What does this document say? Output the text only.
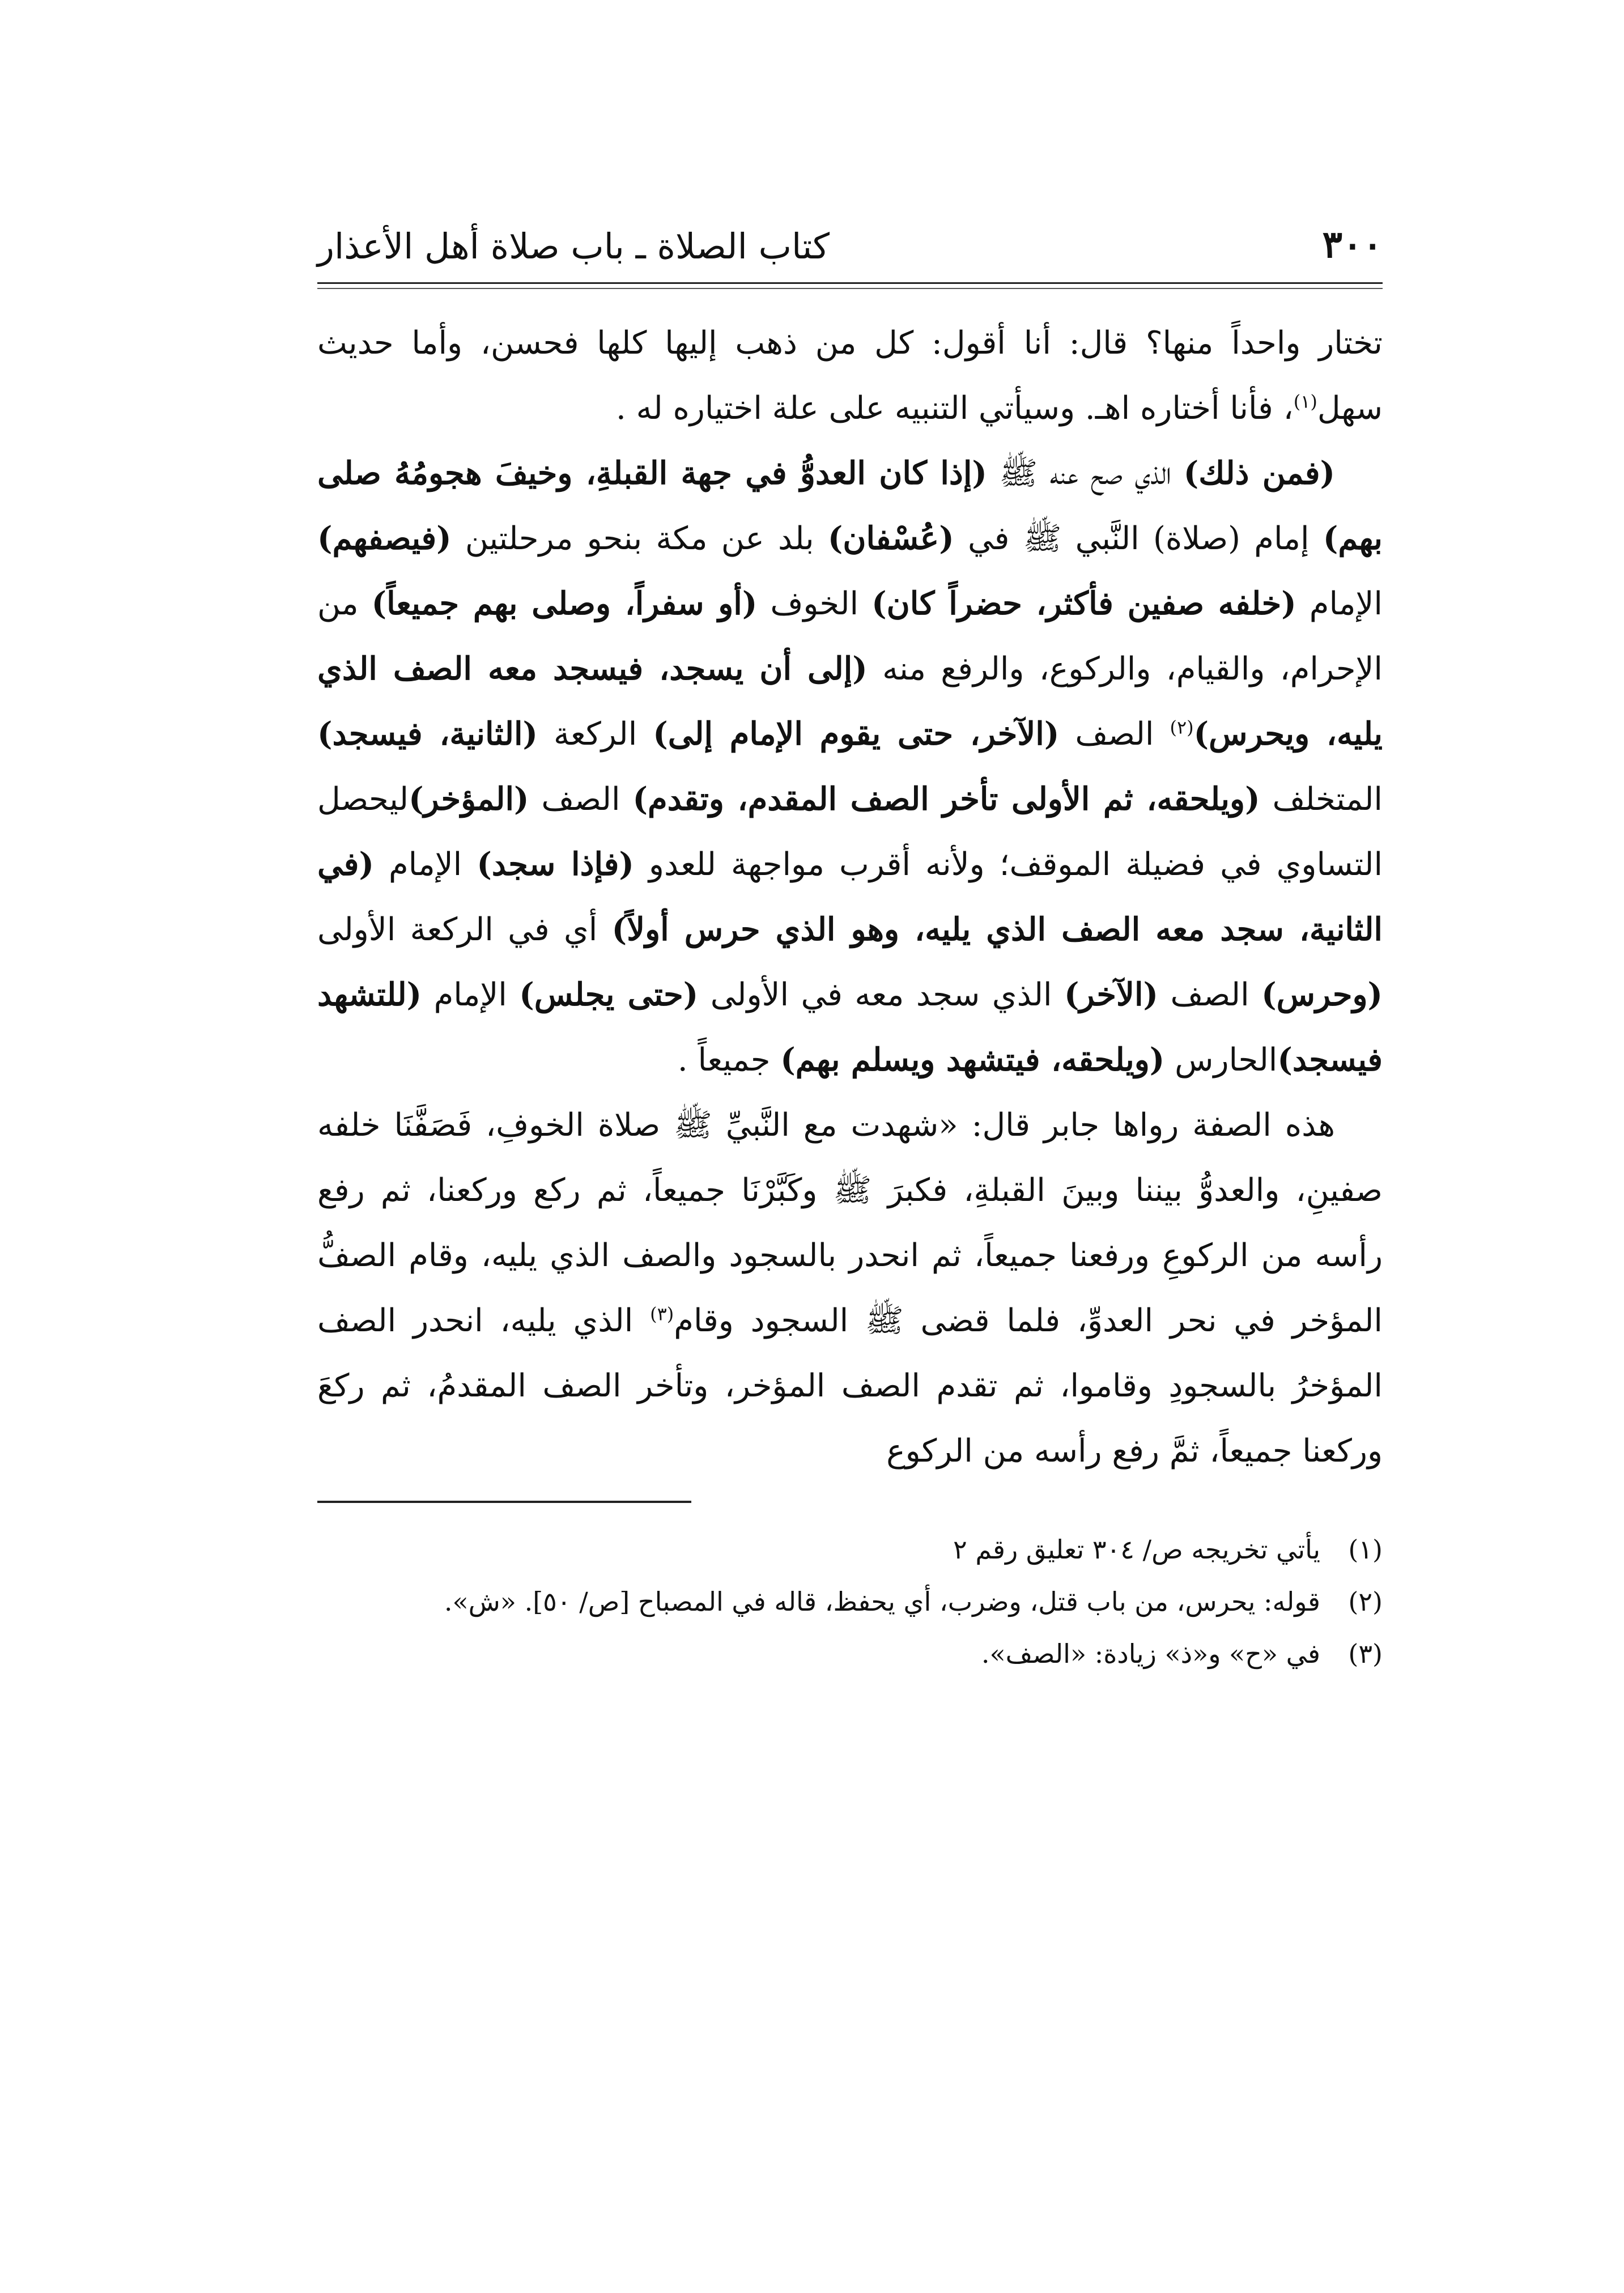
٣٠٠
كتاب الصلاة ـ باب صلاة أهل الأعذار

تختار واحداً منها؟ قال: أنا أقول: كل من ذهب إليها كلها فحسن، وأما حديث سهل$^{(١)}$، فأنا أختاره اهـ. وسيأتي التنبيه على علة اختياره له .

(فمن ذلك) الذي صح عنه ﷺ (إذا كان العدوُّ في جهة القبلةِ، وخيفَ هجومُهُ صلى بهم) إمام (صلاة) النَّبي ﷺ في (عُسْفان) بلد عن مكة بنحو مرحلتين (فيصفهم) الإمام (خلفه صفين فأكثر، حضراً كان) الخوف (أو سفراً، وصلى بهم جميعاً) من الإحرام، والقيام، والركوع، والرفع منه (إلى أن يسجد، فيسجد معه الصف الذي يليه، ويحرس)$^{(٢)}$ الصف (الآخر، حتى يقوم الإمام إلى) الركعة (الثانية، فيسجد) المتخلف (ويلحقه، ثم الأولى تأخر الصف المقدم، وتقدم) الصف (المؤخر)ليحصل التساوي في فضيلة الموقف؛ ولأنه أقرب مواجهة للعدو (فإذا سجد) الإمام (في الثانية، سجد معه الصف الذي يليه، وهو الذي حرس أولاً) أي في الركعة الأولى (وحرس) الصف (الآخر) الذي سجد معه في الأولى (حتى يجلس) الإمام (للتشهد فيسجد)الحارس (ويلحقه، فيتشهد ويسلم بهم) جميعاً .

هذه الصفة رواها جابر قال: «شهدت مع النَّبيِّ ﷺ صلاة الخوفِ، فَصَفَّنَا خلفه صفينِ، والعدوُّ بيننا وبينَ القبلةِ، فكبرَ ﷺ وكَبَّرْنَا جميعاً، ثم ركع وركعنا، ثم رفع رأسه من الركوعِ ورفعنا جميعاً، ثم انحدر بالسجود والصف الذي يليه، وقام الصفُّ المؤخر في نحر العدوِّ، فلما قضى ﷺ السجود وقام$^{(٣)}$ الذي يليه، انحدر الصف المؤخرُ بالسجودِ وقاموا، ثم تقدم الصف المؤخر، وتأخر الصف المقدمُ، ثم ركعَ وركعنا جميعاً، ثمَّ رفع رأسه من الركوع

(١)
يأتي تخريجه ص/ ٣٠٤ تعليق رقم ٢
(٢)
قوله: يحرس، من باب قتل، وضرب، أي يحفظ، قاله في المصباح [ص/ ٥٠]. «ش».
(٣)
في «ح» و«ذ» زيادة: «الصف».
